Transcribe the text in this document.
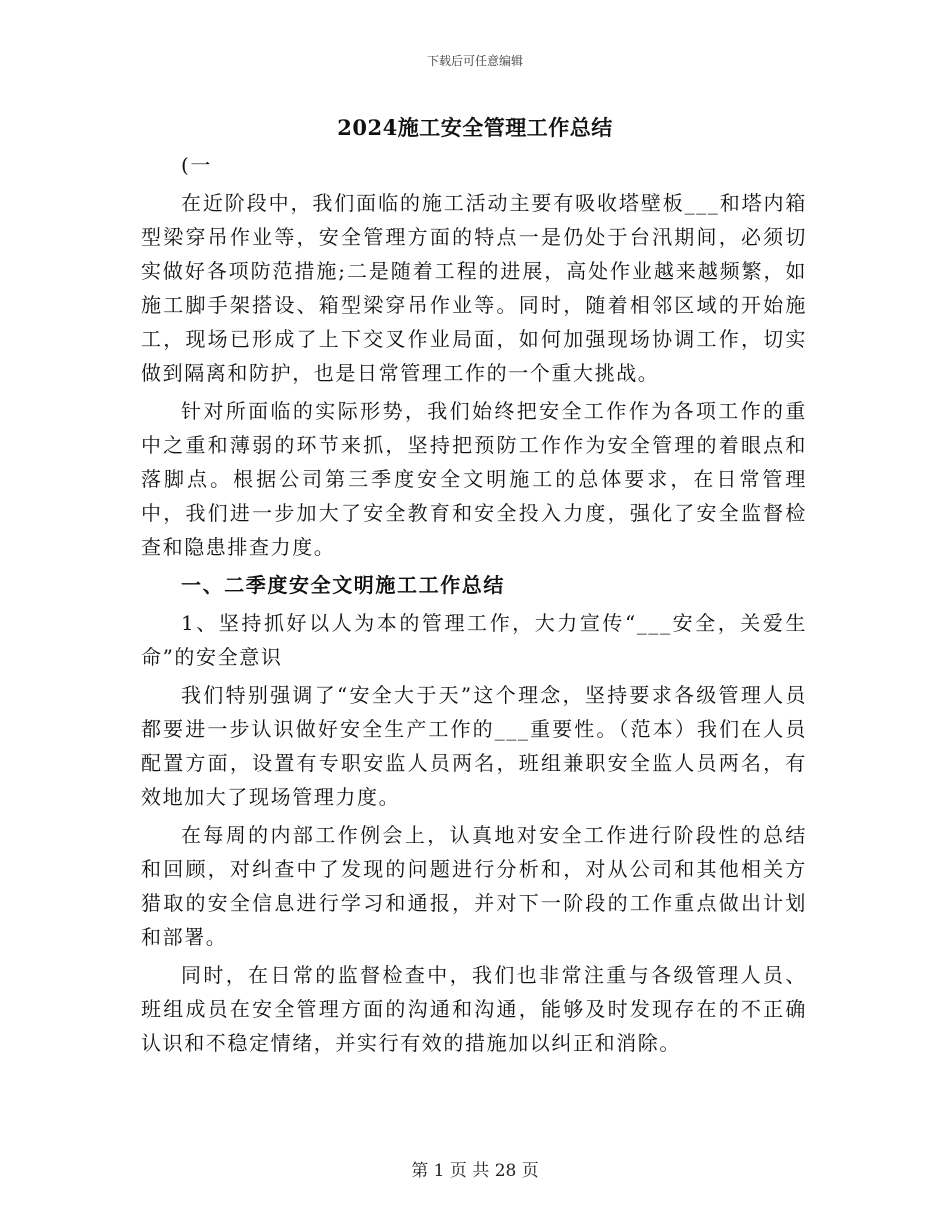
下载后可任意编辑
2024施工安全管理工作总结

(一

在近阶段中，我们面临的施工活动主要有吸收塔壁板___和塔内箱型梁穿吊作业等，安全管理方面的特点一是仍处于台汛期间，必须切实做好各项防范措施;二是随着工程的进展，高处作业越来越频繁，如施工脚手架搭设、箱型梁穿吊作业等。同时，随着相邻区域的开始施工，现场已形成了上下交叉作业局面，如何加强现场协调工作，切实做到隔离和防护，也是日常管理工作的一个重大挑战。

针对所面临的实际形势，我们始终把安全工作作为各项工作的重中之重和薄弱的环节来抓，坚持把预防工作作为安全管理的着眼点和落脚点。根据公司第三季度安全文明施工的总体要求，在日常管理中，我们进一步加大了安全教育和安全投入力度，强化了安全监督检查和隐患排查力度。

一、二季度安全文明施工工作总结

1、坚持抓好以人为本的管理工作，大力宣传“___安全，关爱生命”的安全意识

我们特别强调了“安全大于天”这个理念，坚持要求各级管理人员都要进一步认识做好安全生产工作的___重要性。（范本）我们在人员配置方面，设置有专职安监人员两名，班组兼职安全监人员两名，有效地加大了现场管理力度。

在每周的内部工作例会上，认真地对安全工作进行阶段性的总结和回顾，对纠查中了发现的问题进行分析和，对从公司和其他相关方猎取的安全信息进行学习和通报，并对下一阶段的工作重点做出计划和部署。

同时，在日常的监督检查中，我们也非常注重与各级管理人员、班组成员在安全管理方面的沟通和沟通，能够及时发现存在的不正确认识和不稳定情绪，并实行有效的措施加以纠正和消除。

第 1 页 共 28 页
